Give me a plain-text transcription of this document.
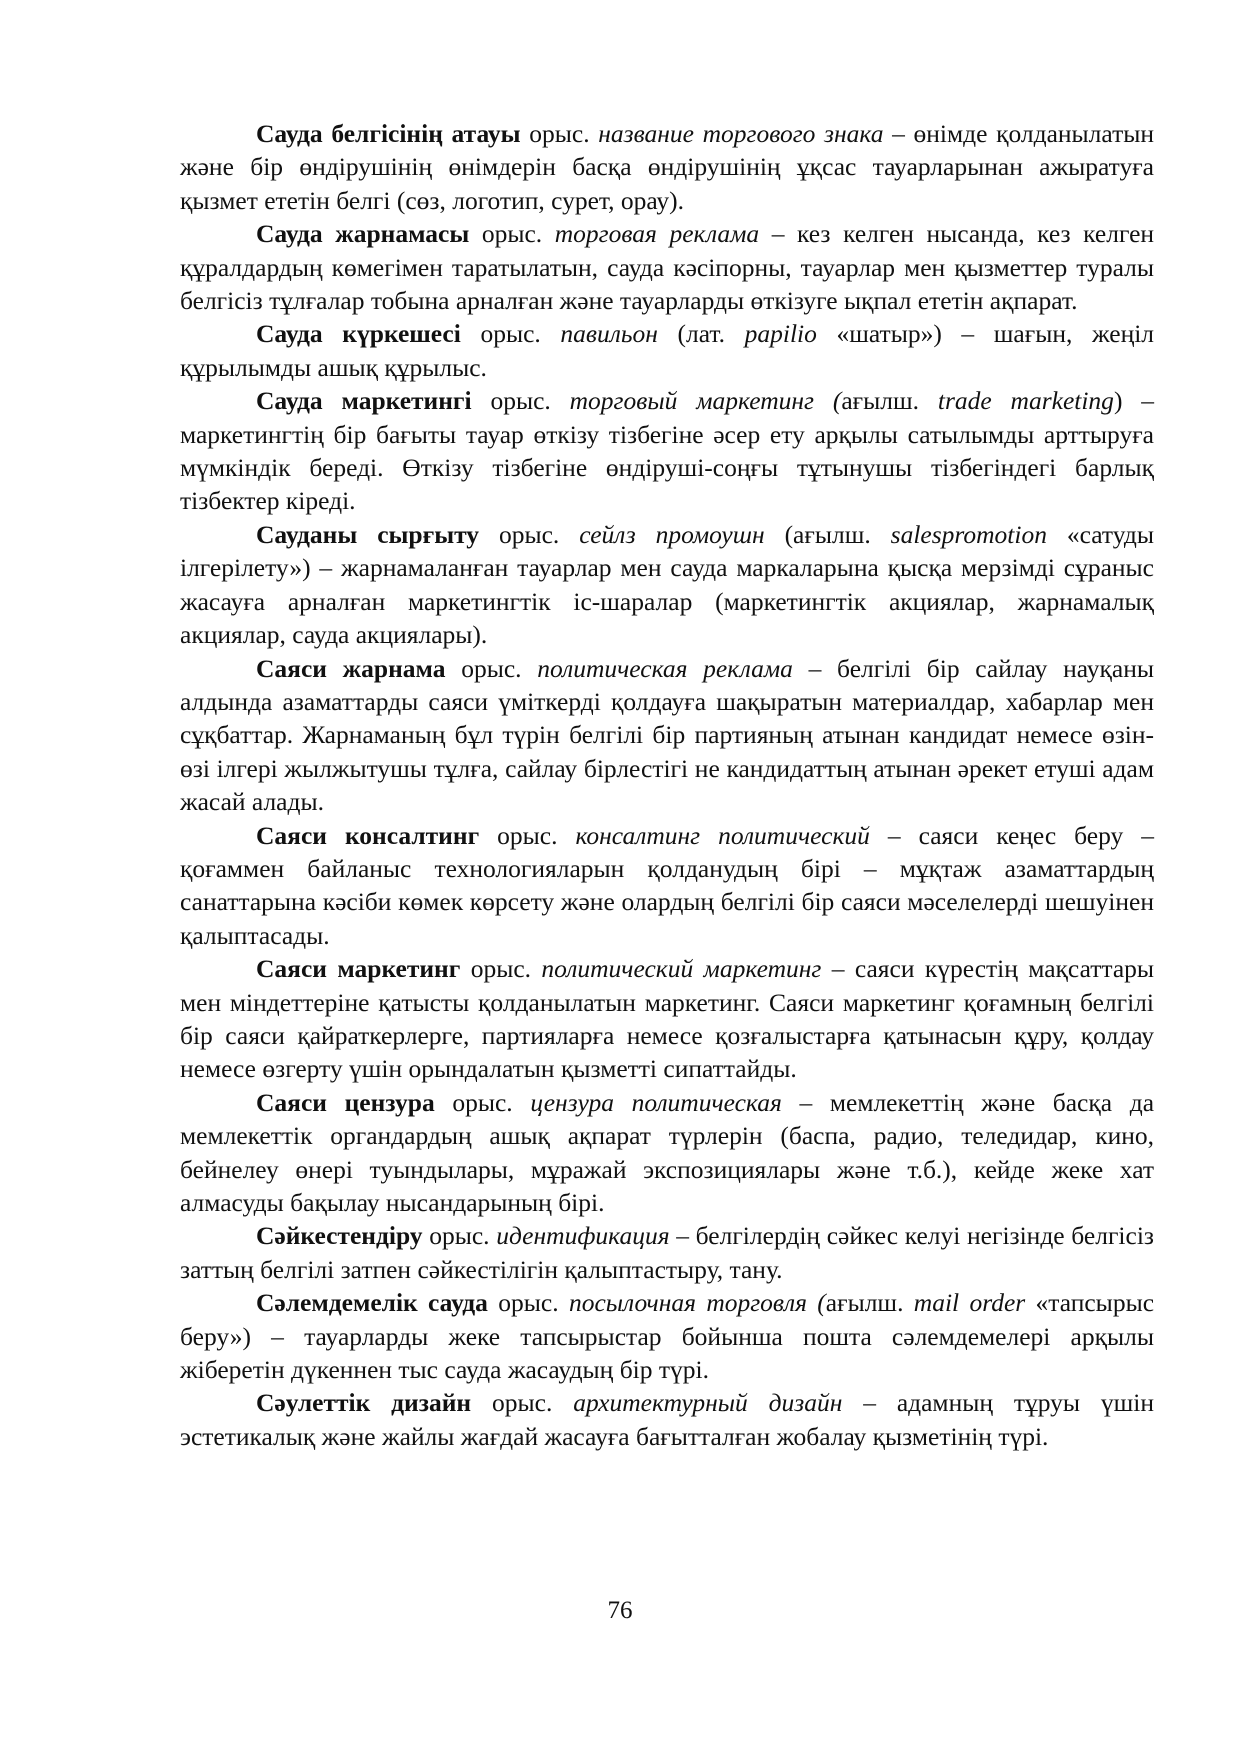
Сауда белгісінің атауы орыс. название торгового знака – өнімде қолданылатын және бір өндірушінің өнімдерін басқа өндірушінің ұқсас тауарларынан ажыратуға қызмет ететін белгі (сөз, логотип, сурет, орау).

Сауда жарнамасы орыс. торговая реклама – кез келген нысанда, кез келген құралдардың көмегімен таратылатын, сауда кәсіпорны, тауарлар мен қызметтер туралы белгісіз тұлғалар тобына арналған және тауарларды өткізуге ықпал ететін ақпарат.

Сауда күркешесі орыс. павильон (лат. papilio «шатыр») – шағын, жеңіл құрылымды ашық құрылыс.

Сауда маркетингі орыс. торговый маркетинг (ағылш. trade marketing) – маркетингтің бір бағыты тауар өткізу тізбегіне әсер ету арқылы сатылымды арттыруға мүмкіндік береді. Өткізу тізбегіне өндіруші-соңғы тұтынушы тізбегіндегі барлық тізбектер кіреді.

Сауданы сырғыту орыс. сейлз промоушн (ағылш. salespromotion «сатуды ілгерілету») – жарнамаланған тауарлар мен сауда маркаларына қысқа мерзімді сұраныс жасауға арналған маркетингтік іс-шаралар (маркетингтік акциялар, жарнамалық акциялар, сауда акциялары).

Саяси жарнама орыс. политическая реклама – белгілі бір сайлау науқаны алдында азаматтарды саяси үміткерді қолдауға шақыратын материалдар, хабарлар мен сұқбаттар. Жарнаманың бұл түрін белгілі бір партияның атынан кандидат немесе өзін-өзі ілгері жылжытушы тұлға, сайлау бірлестігі не кандидаттың атынан әрекет етуші адам жасай алады.

Саяси консалтинг орыс. консалтинг политический – саяси кеңес беру – қоғаммен байланыс технологияларын қолданудың бірі – мұқтаж азаматтардың санаттарына кәсіби көмек көрсету және олардың белгілі бір саяси мәселелерді шешуінен қалыптасады.

Саяси маркетинг орыс. политический маркетинг – саяси күрестің мақсаттары мен міндеттеріне қатысты қолданылатын маркетинг. Саяси маркетинг қоғамның белгілі бір саяси қайраткерлерге, партияларға немесе қозғалыстарға қатынасын құру, қолдау немесе өзгерту үшін орындалатын қызметті сипаттайды.

Саяси цензура орыс. цензура политическая – мемлекеттің және басқа да мемлекеттік органдардың ашық ақпарат түрлерін (баспа, радио, теледидар, кино, бейнелеу өнері туындылары, мұражай экспозициялары және т.б.), кейде жеке хат алмасуды бақылау нысандарының бірі.

Сәйкестендіру орыс. идентификация – белгілердің сәйкес келуі негізінде белгісіз заттың белгілі затпен сәйкестілігін қалыптастыру, тану.

Сәлемдемелік сауда орыс. посылочная торговля (ағылш. mail order «тапсырыс беру») – тауарларды жеке тапсырыстар бойынша пошта сәлемдемелері арқылы жіберетін дүкеннен тыс сауда жасаудың бір түрі.

Сәулеттік дизайн орыс. архитектурный дизайн – адамның тұруы үшін эстетикалық және жайлы жағдай жасауға бағытталған жобалау қызметінің түрі.

76
